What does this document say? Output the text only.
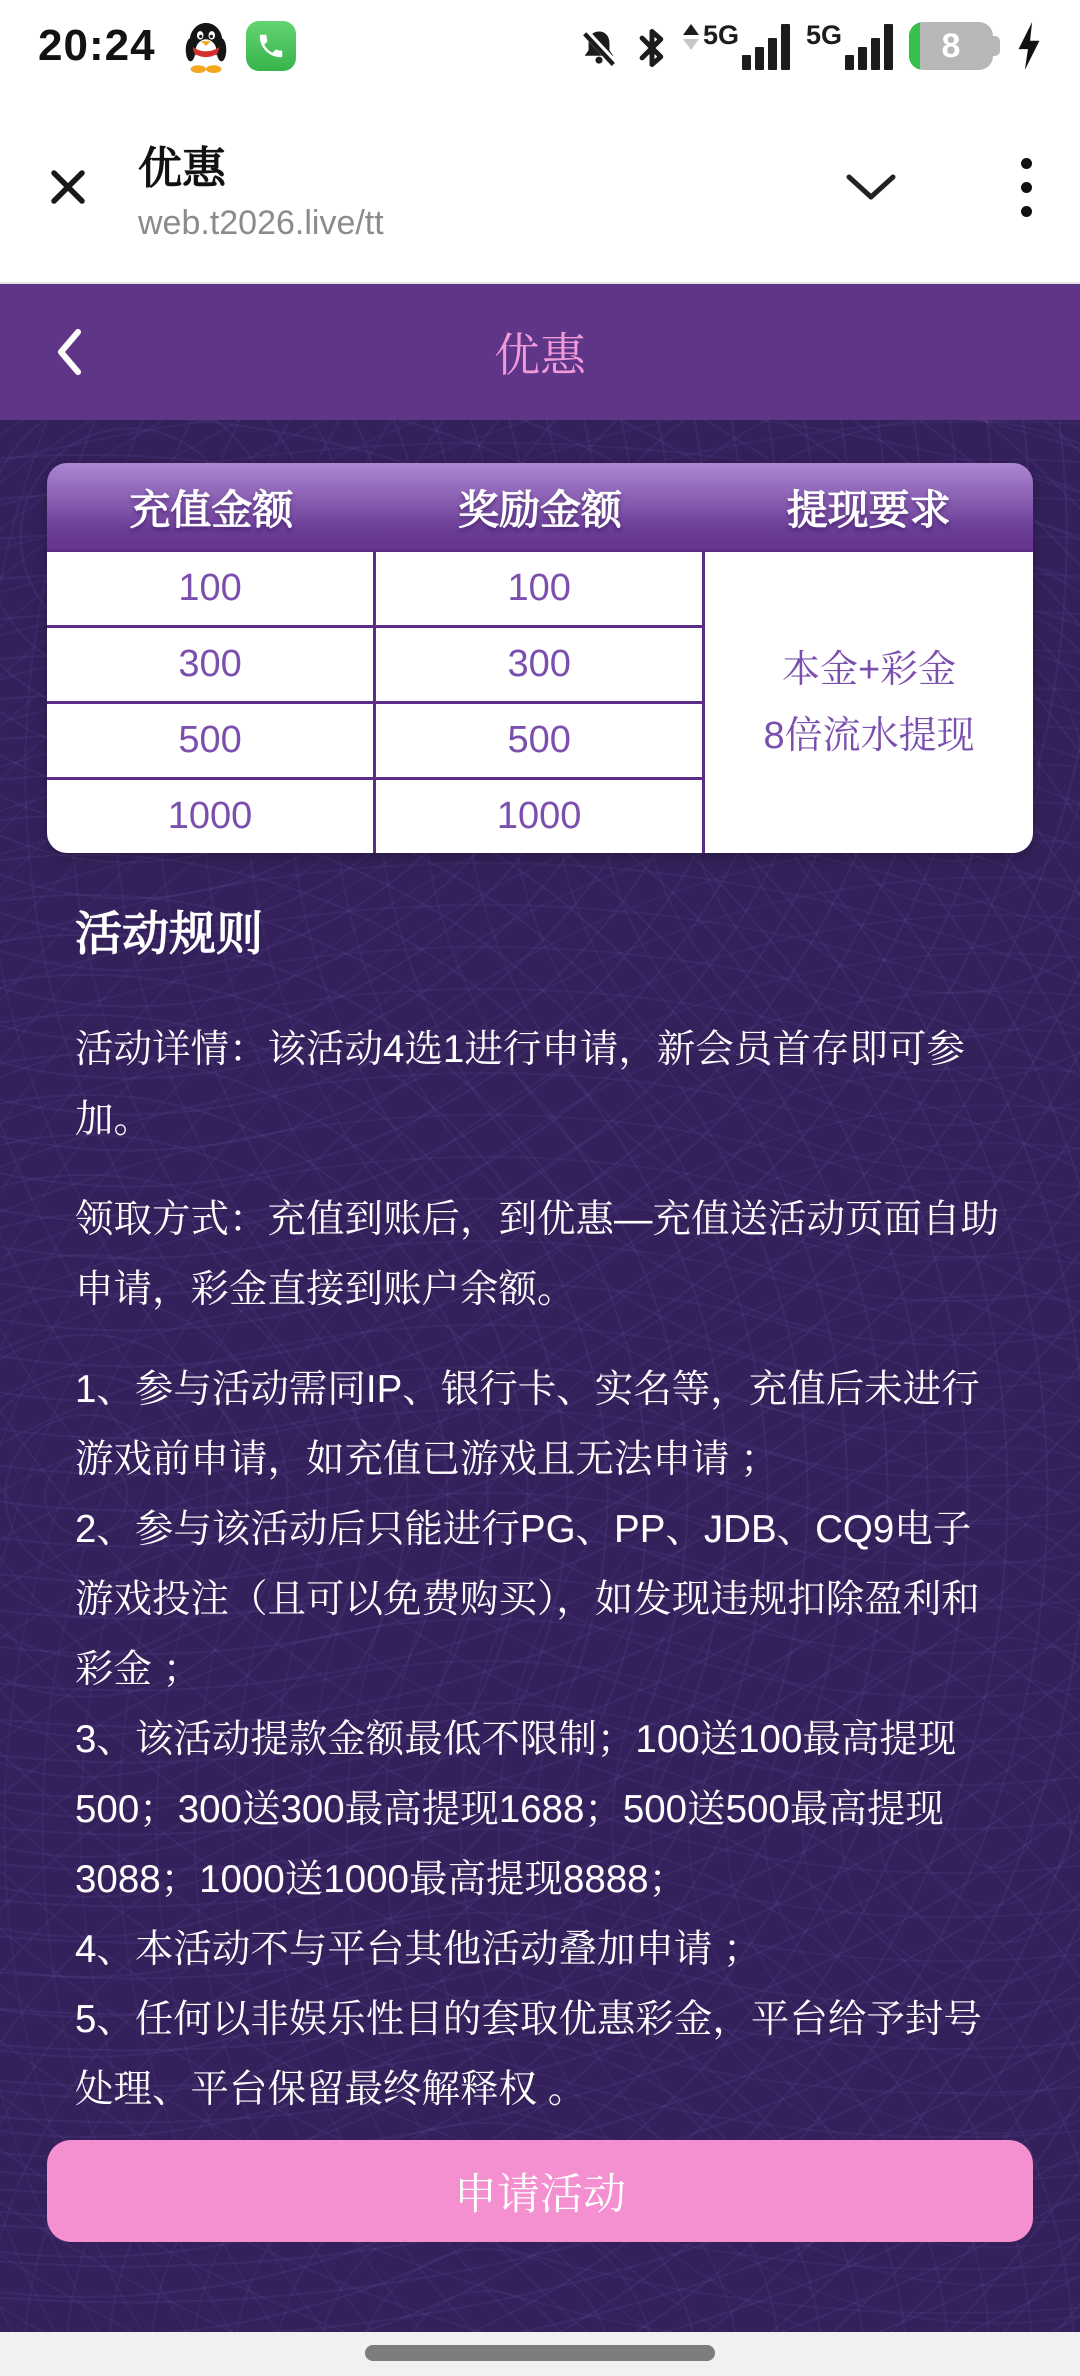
20:24	5G 5G	8
优惠
web.t2026.live/tt
优惠
充值金额	奖励金额	提现要求
100	100
300	300
500	500
1000	1000
本金+彩金
8倍流水提现
活动规则

活动详情：该活动4选1进行申请，新会员首存即可参加。

领取方式：充值到账后，到优惠—充值送活动页面自助申请，彩金直接到账户余额。

1、参与活动需同IP、银行卡、实名等，充值后未进行游戏前申请，如充值已游戏且无法申请 ；

2、参与该活动后只能进行PG、PP、JDB、CQ9电子游戏投注（且可以免费购买），如发现违规扣除盈利和彩金 ；

3、该活动提款金额最低不限制；100送100最高提现500；300送300最高提现1688；500送500最高提现3088；1000送1000最高提现8888；

4、本活动不与平台其他活动叠加申请 ；

5、任何以非娱乐性目的套取优惠彩金，平台给予封号处理、平台保留最终解释权 。

申请活动
